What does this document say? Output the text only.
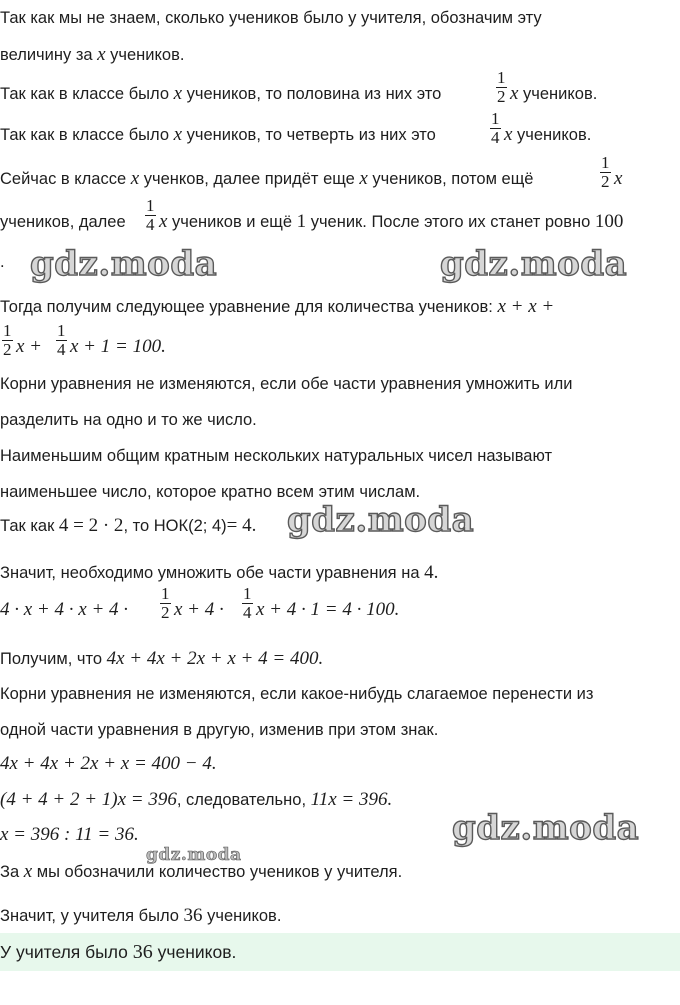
Так как мы не знаем, сколько учеников было у учителя, обозначим эту
величину за x учеников.
Так как в классе было x учеников, то половина из них это	$\frac{1}{2}$ x учеников.
Так как в классе было x учеников, то четверть из них это	$\frac{1}{4}$ x учеников.
Сейчас в классе x ученков, далее придёт еще x учеников, потом ещё	$\frac{1}{2}$ x
учеников, далее $\frac{1}{4}$ x учеников и ещё 1 ученик. После этого их станет ровно 100
.
Тогда получим следующее уравнение для количества учеников: x + x +
$\frac{1}{2}$ $x + \frac{1}{4}$ x + 1 = 100.
Корни уравнения не изменяются, если обе части уравнения умножить или
разделить на одно и то же число.
Наименьшим общим кратным нескольких натуральных чисел называют
наименьшее число, которое кратно всем этим числам.
Так как 4 = 2 · 2, то НОК(2; 4)= 4.
Значит, необходимо умножить обе части уравнения на 4.
$4 \cdot x + 4 \cdot x + 4 \cdot \frac{1}{2}$ $x + 4 \cdot \frac{1}{4}$ x + 4 · 1 = 4 · 100.
Получим, что 4x + 4x + 2x + x + 4 = 400.
Корни уравнения не изменяются, если какое-нибудь слагаемое перенести из
одной части уравнения в другую, изменив при этом знак.
4x + 4x + 2x + x = 400 − 4.
(4 + 4 + 2 + 1)x = 396, следовательно, 11x = 396.
x = 396 : 11 = 36.
За x мы обозначили количество учеников у учителя.
Значит, у учителя было 36 учеников.
У учителя было 36 учеников.
gdz.moda	gdz.moda
gdz.moda
gdz.moda
gdz.moda
